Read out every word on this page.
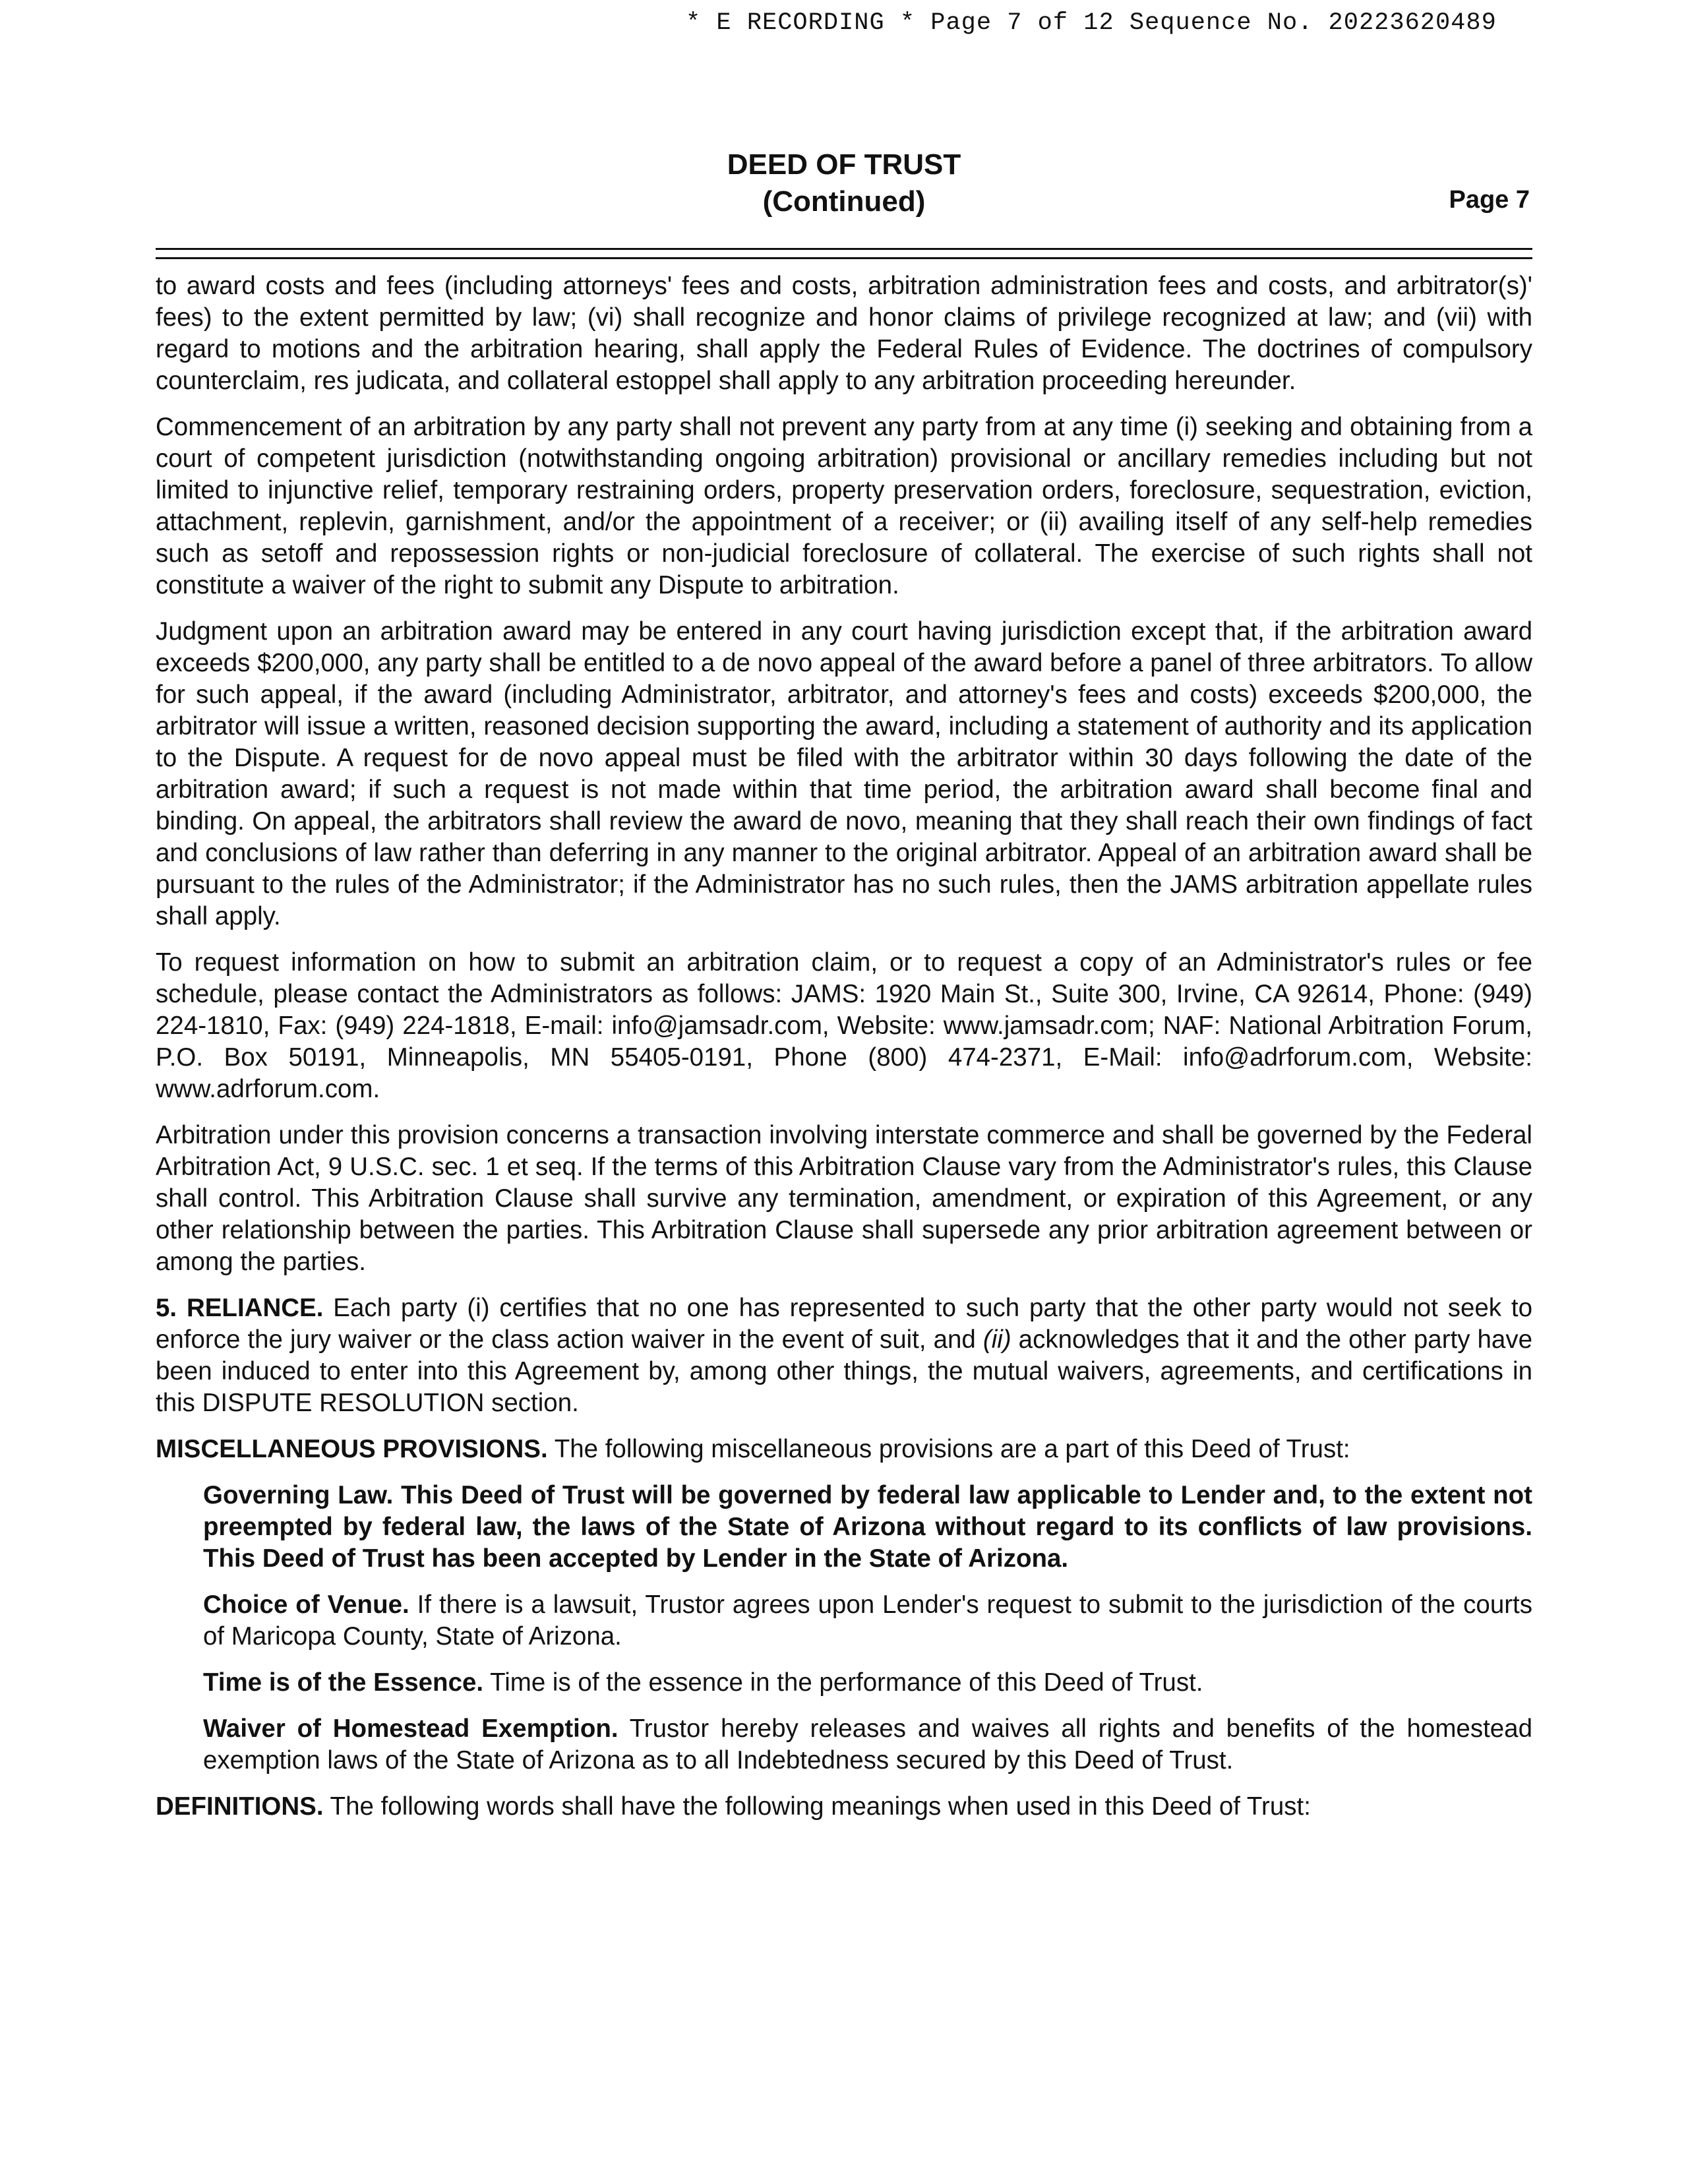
* E RECORDING * Page 7 of 12 Sequence No. 20223620489
DEED OF TRUST
(Continued)	Page 7

to award costs and fees (including attorneys' fees and costs, arbitration administration fees and costs, and arbitrator(s)' fees) to the extent permitted by law; (vi) shall recognize and honor claims of privilege recognized at law; and (vii) with regard to motions and the arbitration hearing, shall apply the Federal Rules of Evidence. The doctrines of compulsory counterclaim, res judicata, and collateral estoppel shall apply to any arbitration proceeding hereunder.

Commencement of an arbitration by any party shall not prevent any party from at any time (i) seeking and obtaining from a court of competent jurisdiction (notwithstanding ongoing arbitration) provisional or ancillary remedies including but not limited to injunctive relief, temporary restraining orders, property preservation orders, foreclosure, sequestration, eviction, attachment, replevin, garnishment, and/or the appointment of a receiver; or (ii) availing itself of any self-help remedies such as setoff and repossession rights or non-judicial foreclosure of collateral. The exercise of such rights shall not constitute a waiver of the right to submit any Dispute to arbitration.

Judgment upon an arbitration award may be entered in any court having jurisdiction except that, if the arbitration award exceeds $200,000, any party shall be entitled to a de novo appeal of the award before a panel of three arbitrators. To allow for such appeal, if the award (including Administrator, arbitrator, and attorney's fees and costs) exceeds $200,000, the arbitrator will issue a written, reasoned decision supporting the award, including a statement of authority and its application to the Dispute. A request for de novo appeal must be filed with the arbitrator within 30 days following the date of the arbitration award; if such a request is not made within that time period, the arbitration award shall become final and binding. On appeal, the arbitrators shall review the award de novo, meaning that they shall reach their own findings of fact and conclusions of law rather than deferring in any manner to the original arbitrator. Appeal of an arbitration award shall be pursuant to the rules of the Administrator; if the Administrator has no such rules, then the JAMS arbitration appellate rules shall apply.

To request information on how to submit an arbitration claim, or to request a copy of an Administrator's rules or fee schedule, please contact the Administrators as follows: JAMS: 1920 Main St., Suite 300, Irvine, CA 92614, Phone: (949) 224-1810, Fax: (949) 224-1818, E-mail: info@jamsadr.com, Website: www.jamsadr.com; NAF: National Arbitration Forum, P.O. Box 50191, Minneapolis, MN 55405-0191, Phone (800) 474-2371, E-Mail: info@adrforum.com, Website: www.adrforum.com.

Arbitration under this provision concerns a transaction involving interstate commerce and shall be governed by the Federal Arbitration Act, 9 U.S.C. sec. 1 et seq. If the terms of this Arbitration Clause vary from the Administrator's rules, this Clause shall control. This Arbitration Clause shall survive any termination, amendment, or expiration of this Agreement, or any other relationship between the parties. This Arbitration Clause shall supersede any prior arbitration agreement between or among the parties.

5. RELIANCE. Each party (i) certifies that no one has represented to such party that the other party would not seek to enforce the jury waiver or the class action waiver in the event of suit, and (ii) acknowledges that it and the other party have been induced to enter into this Agreement by, among other things, the mutual waivers, agreements, and certifications in this DISPUTE RESOLUTION section.

MISCELLANEOUS PROVISIONS. The following miscellaneous provisions are a part of this Deed of Trust:

Governing Law. This Deed of Trust will be governed by federal law applicable to Lender and, to the extent not preempted by federal law, the laws of the State of Arizona without regard to its conflicts of law provisions. This Deed of Trust has been accepted by Lender in the State of Arizona.

Choice of Venue. If there is a lawsuit, Trustor agrees upon Lender's request to submit to the jurisdiction of the courts of Maricopa County, State of Arizona.

Time is of the Essence. Time is of the essence in the performance of this Deed of Trust.

Waiver of Homestead Exemption. Trustor hereby releases and waives all rights and benefits of the homestead exemption laws of the State of Arizona as to all Indebtedness secured by this Deed of Trust.

DEFINITIONS. The following words shall have the following meanings when used in this Deed of Trust:
